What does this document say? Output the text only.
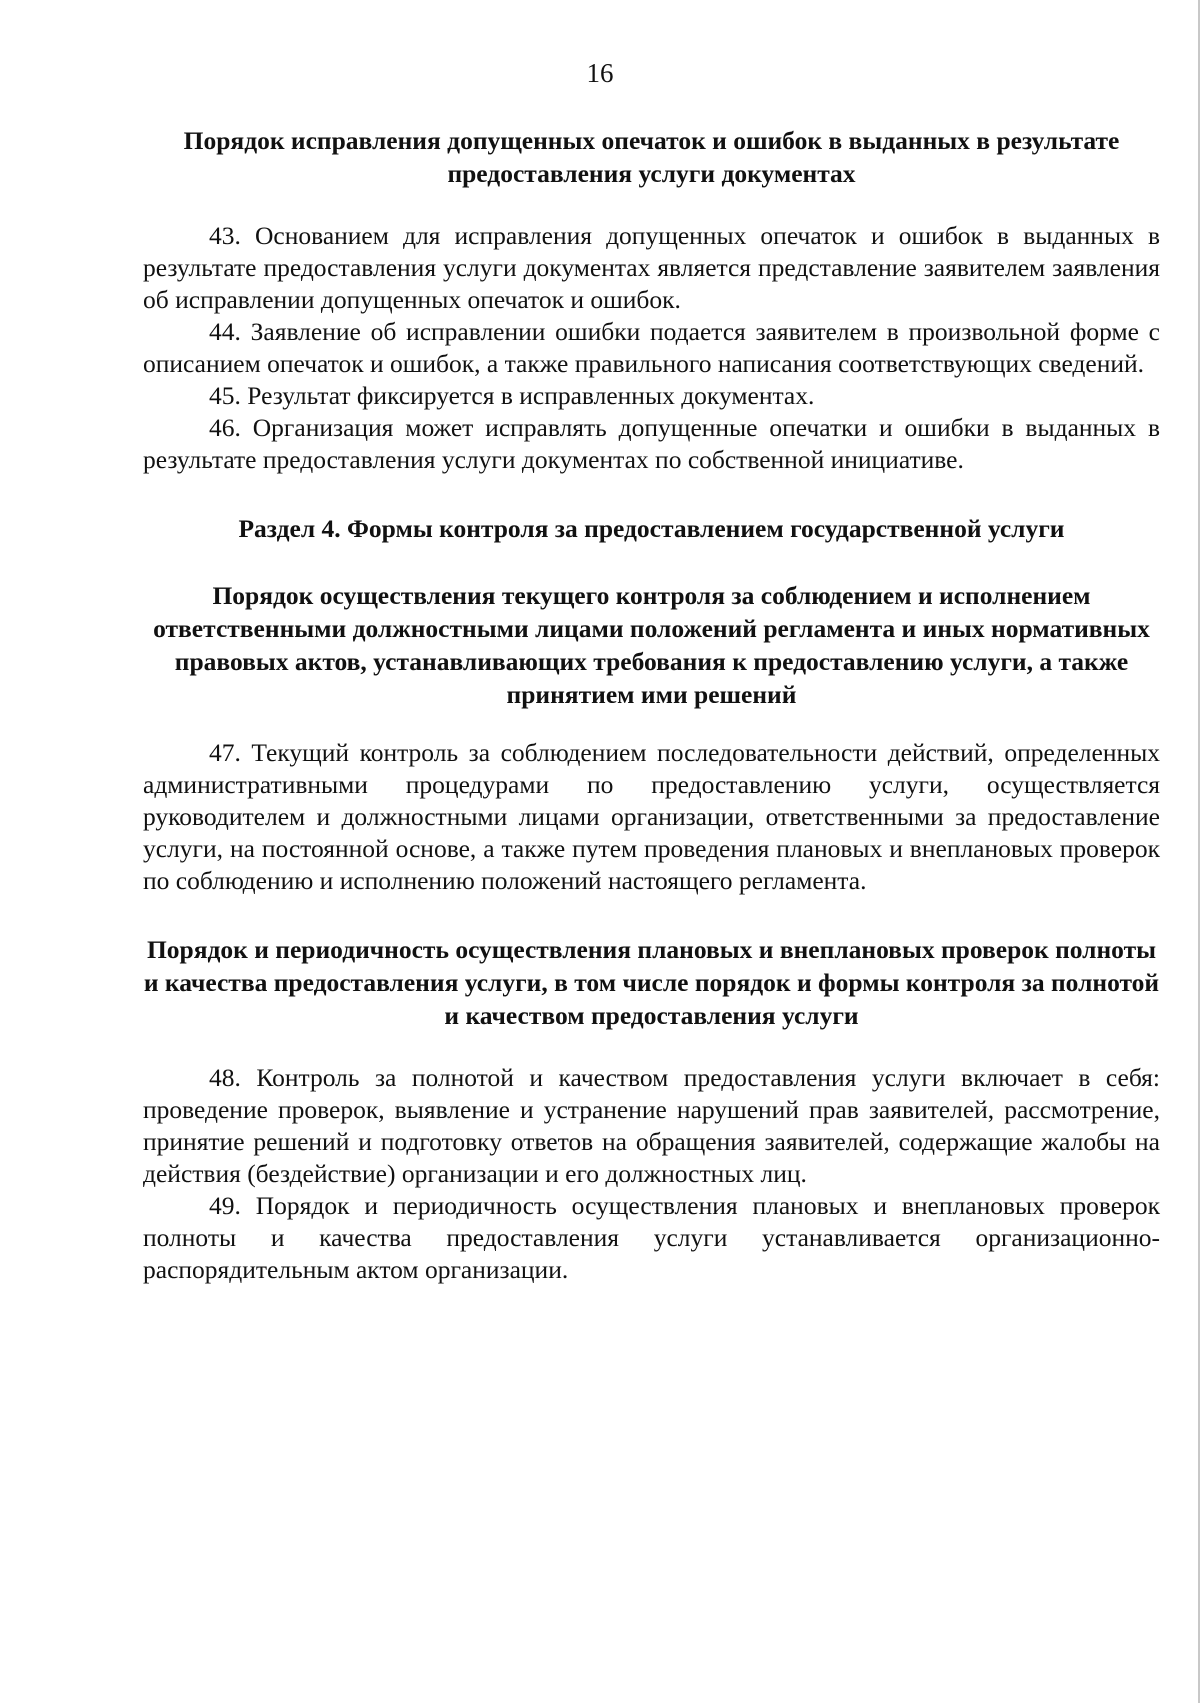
16

Порядок исправления допущенных опечаток и ошибок в выданных в результате предоставления услуги документах

43. Основанием для исправления допущенных опечаток и ошибок в выданных в результате предоставления услуги документах является представление заявителем заявления об исправлении допущенных опечаток и ошибок.

44. Заявление об исправлении ошибки подается заявителем в произвольной форме с описанием опечаток и ошибок, а также правильного написания соответствующих сведений.

45. Результат фиксируется в исправленных документах.

46. Организация может исправлять допущенные опечатки и ошибки в выданных в результате предоставления услуги документах по собственной инициативе.

Раздел 4. Формы контроля за предоставлением государственной услуги

Порядок осуществления текущего контроля за соблюдением и исполнением ответственными должностными лицами положений регламента и иных нормативных правовых актов, устанавливающих требования к предоставлению услуги, а также принятием ими решений

47. Текущий контроль за соблюдением последовательности действий, определенных административными процедурами по предоставлению услуги, осуществляется руководителем и должностными лицами организации, ответственными за предоставление услуги, на постоянной основе, а также путем проведения плановых и внеплановых проверок по соблюдению и исполнению положений настоящего регламента.

Порядок и периодичность осуществления плановых и внеплановых проверок полноты и качества предоставления услуги, в том числе порядок и формы контроля за полнотой и качеством предоставления услуги

48. Контроль за полнотой и качеством предоставления услуги включает в себя: проведение проверок, выявление и устранение нарушений прав заявителей, рассмотрение, принятие решений и подготовку ответов на обращения заявителей, содержащие жалобы на действия (бездействие) организации и его должностных лиц.

49. Порядок и периодичность осуществления плановых и внеплановых проверок полноты и качества предоставления услуги устанавливается организационно-распорядительным актом организации.
